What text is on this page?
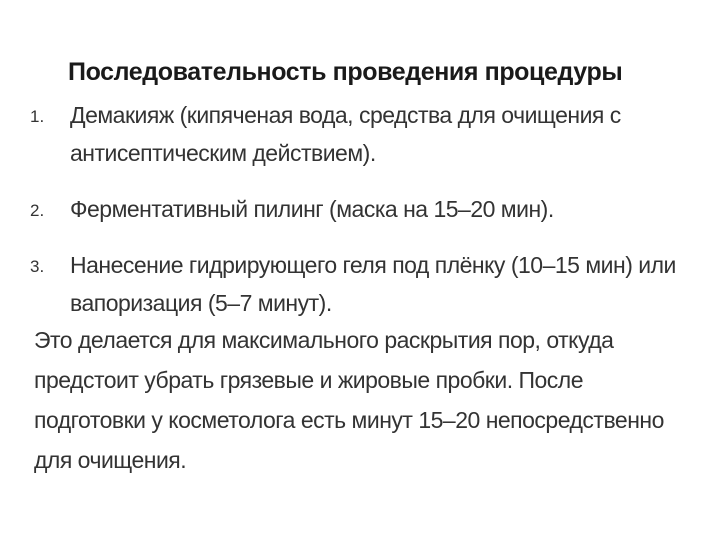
Последовательность проведения процедуры
1. Демакияж (кипяченая вода, средства для очищения с антисептическим действием).
2. Ферментативный пилинг (маска на 15–20 мин).
3. Нанесение гидрирующего геля под плёнку (10–15 мин) или вапоризация (5–7 минут).

Это делается для максимального раскрытия пор, откуда предстоит убрать грязевые и жировые пробки. После подготовки у косметолога есть минут 15–20 непосредственно для очищения.
